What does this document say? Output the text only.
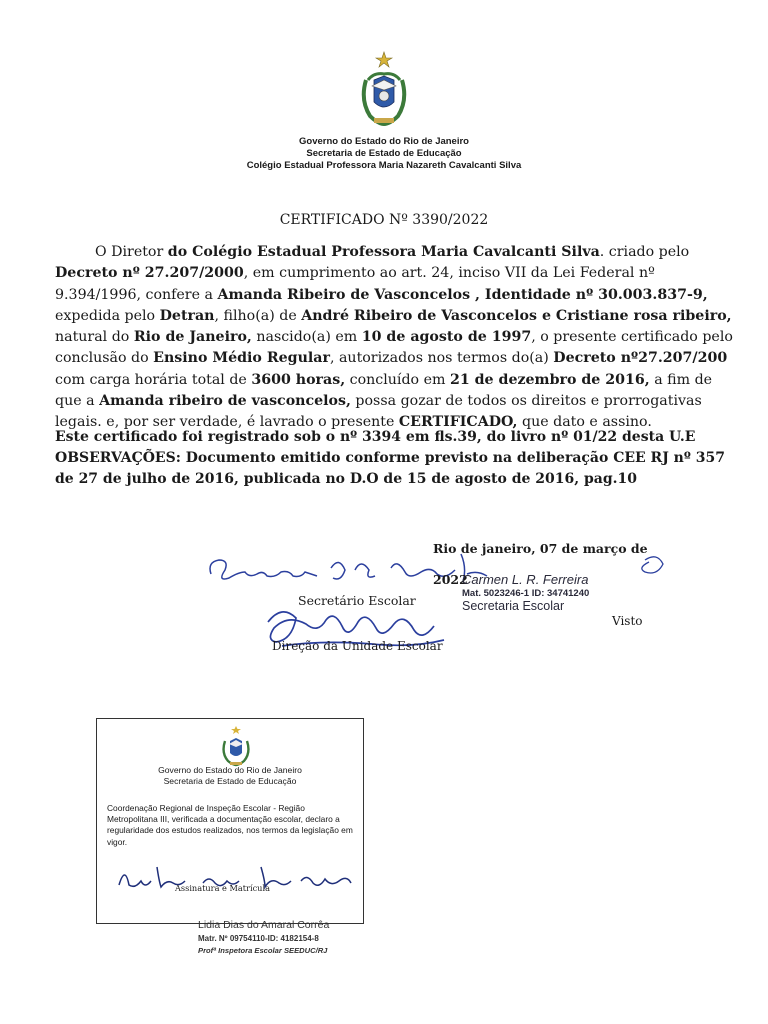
Governo do Estado do Rio de Janeiro
Secretaria de Estado de Educação
Colégio Estadual Professora Maria Nazareth Cavalcanti Silva
CERTIFICADO Nº 3390/2022
O Diretor do Colégio Estadual Professora Maria Cavalcanti Silva. criado pelo Decreto nº 27.207/2000, em cumprimento ao art. 24, inciso VII da Lei Federal nº 9.394/1996, confere a Amanda Ribeiro de Vasconcelos , Identidade nº 30.003.837-9, expedida pelo Detran, filho(a) de André Ribeiro de Vasconcelos e Cristiane rosa ribeiro, natural do Rio de Janeiro, nascido(a) em 10 de agosto de 1997, o presente certificado pelo conclusão do Ensino Médio Regular, autorizados nos termos do(a) Decreto nº27.207/200 com carga horária total de 3600 horas, concluído em 21 de dezembro de 2016, a fim de que a Amanda ribeiro de vasconcelos, possa gozar de todos os direitos e prorrogativas legais. e, por ser verdade, é lavrado o presente CERTIFICADO, que dato e assino.
Este certificado foi registrado sob o nº 3394 em fls.39, do livro nº 01/22 desta U.E
OBSERVAÇÕES: Documento emitido conforme previsto na deliberação CEE RJ nº 357 de 27 de julho de 2016, publicada no D.O de 15 de agosto de 2016, pag.10
Rio de janeiro, 07 de março de
2022
Secretário Escolar
Carmen L. R. Ferreira
Mat. 5023246-1 ID: 34741240
Secretaria Escolar
Visto
Direção da Unidade Escolar
Governo do Estado do Rio de Janeiro
Secretaria de Estado de Educação
Coordenação Regional de Inspeção Escolar - Região Metropolitana III, verificada a documentação escolar, declaro a regularidade dos estudos realizados, nos termos da legislação em vigor.
Assinatura e Matrícula
Lidia Dias do Amaral Corrêa
Matr. Nº 09754110-ID: 4182154-8
Profª Inspetora Escolar SEEDUC/RJ
